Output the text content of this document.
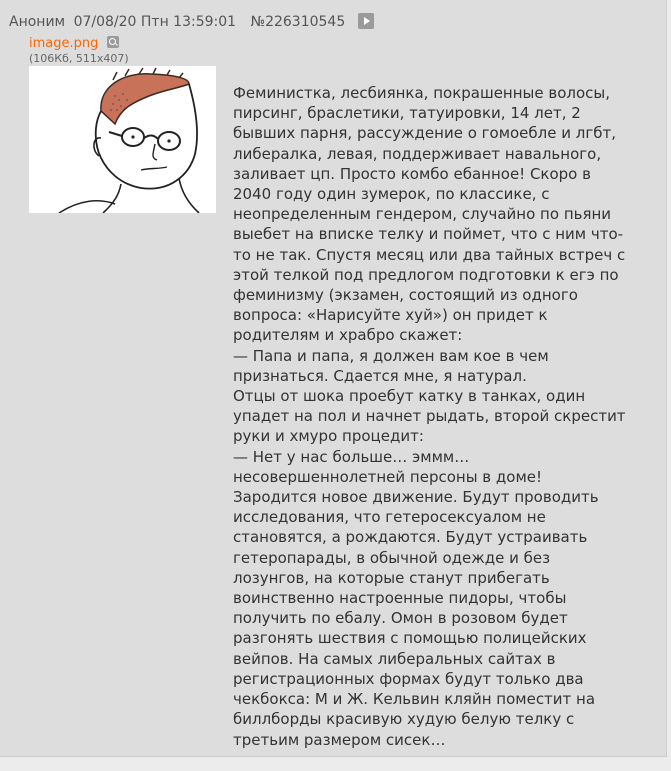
Аноним 07/08/20 Птн 13:59:01 №226310545
image.png
(106Кб, 511x407)
Феминистка, лесбиянка, покрашенные волосы,
пирсинг, браслетики, татуировки, 14 лет, 2
бывших парня, рассуждение о гомоебле и лгбт,
либералка, левая, поддерживает навального,
заливает цп. Просто комбо ебанное! Скоро в
2040 году один зумерок, по классике, с
неопределенным гендером, случайно по пьяни
выебет на вписке телку и поймет, что с ним что-
то не так. Спустя месяц или два тайных встреч с
этой телкой под предлогом подготовки к егэ по
феминизму (экзамен, состоящий из одного
вопроса: «Нарисуйте хуй») он придет к
родителям и храбро скажет:
— Папа и папа, я должен вам кое в чем
признаться. Сдается мне, я натурал.
Отцы от шока проебут катку в танках, один
упадет на пол и начнет рыдать, второй скрестит
руки и хмуро процедит:
— Нет у нас больше… эммм…
несовершеннолетней персоны в доме!
Зародится новое движение. Будут проводить
исследования, что гетеросексуалом не
становятся, а рождаются. Будут устраивать
гетеропарады, в обычной одежде и без
лозунгов, на которые станут прибегать
воинственно настроенные пидоры, чтобы
получить по ебалу. Омон в розовом будет
разгонять шествия с помощью полицейских
вейпов. На самых либеральных сайтах в
регистрационных формах будут только два
чекбокса: М и Ж. Кельвин кляйн поместит на
биллборды красивую худую белую телку с
третьим размером сисек…
